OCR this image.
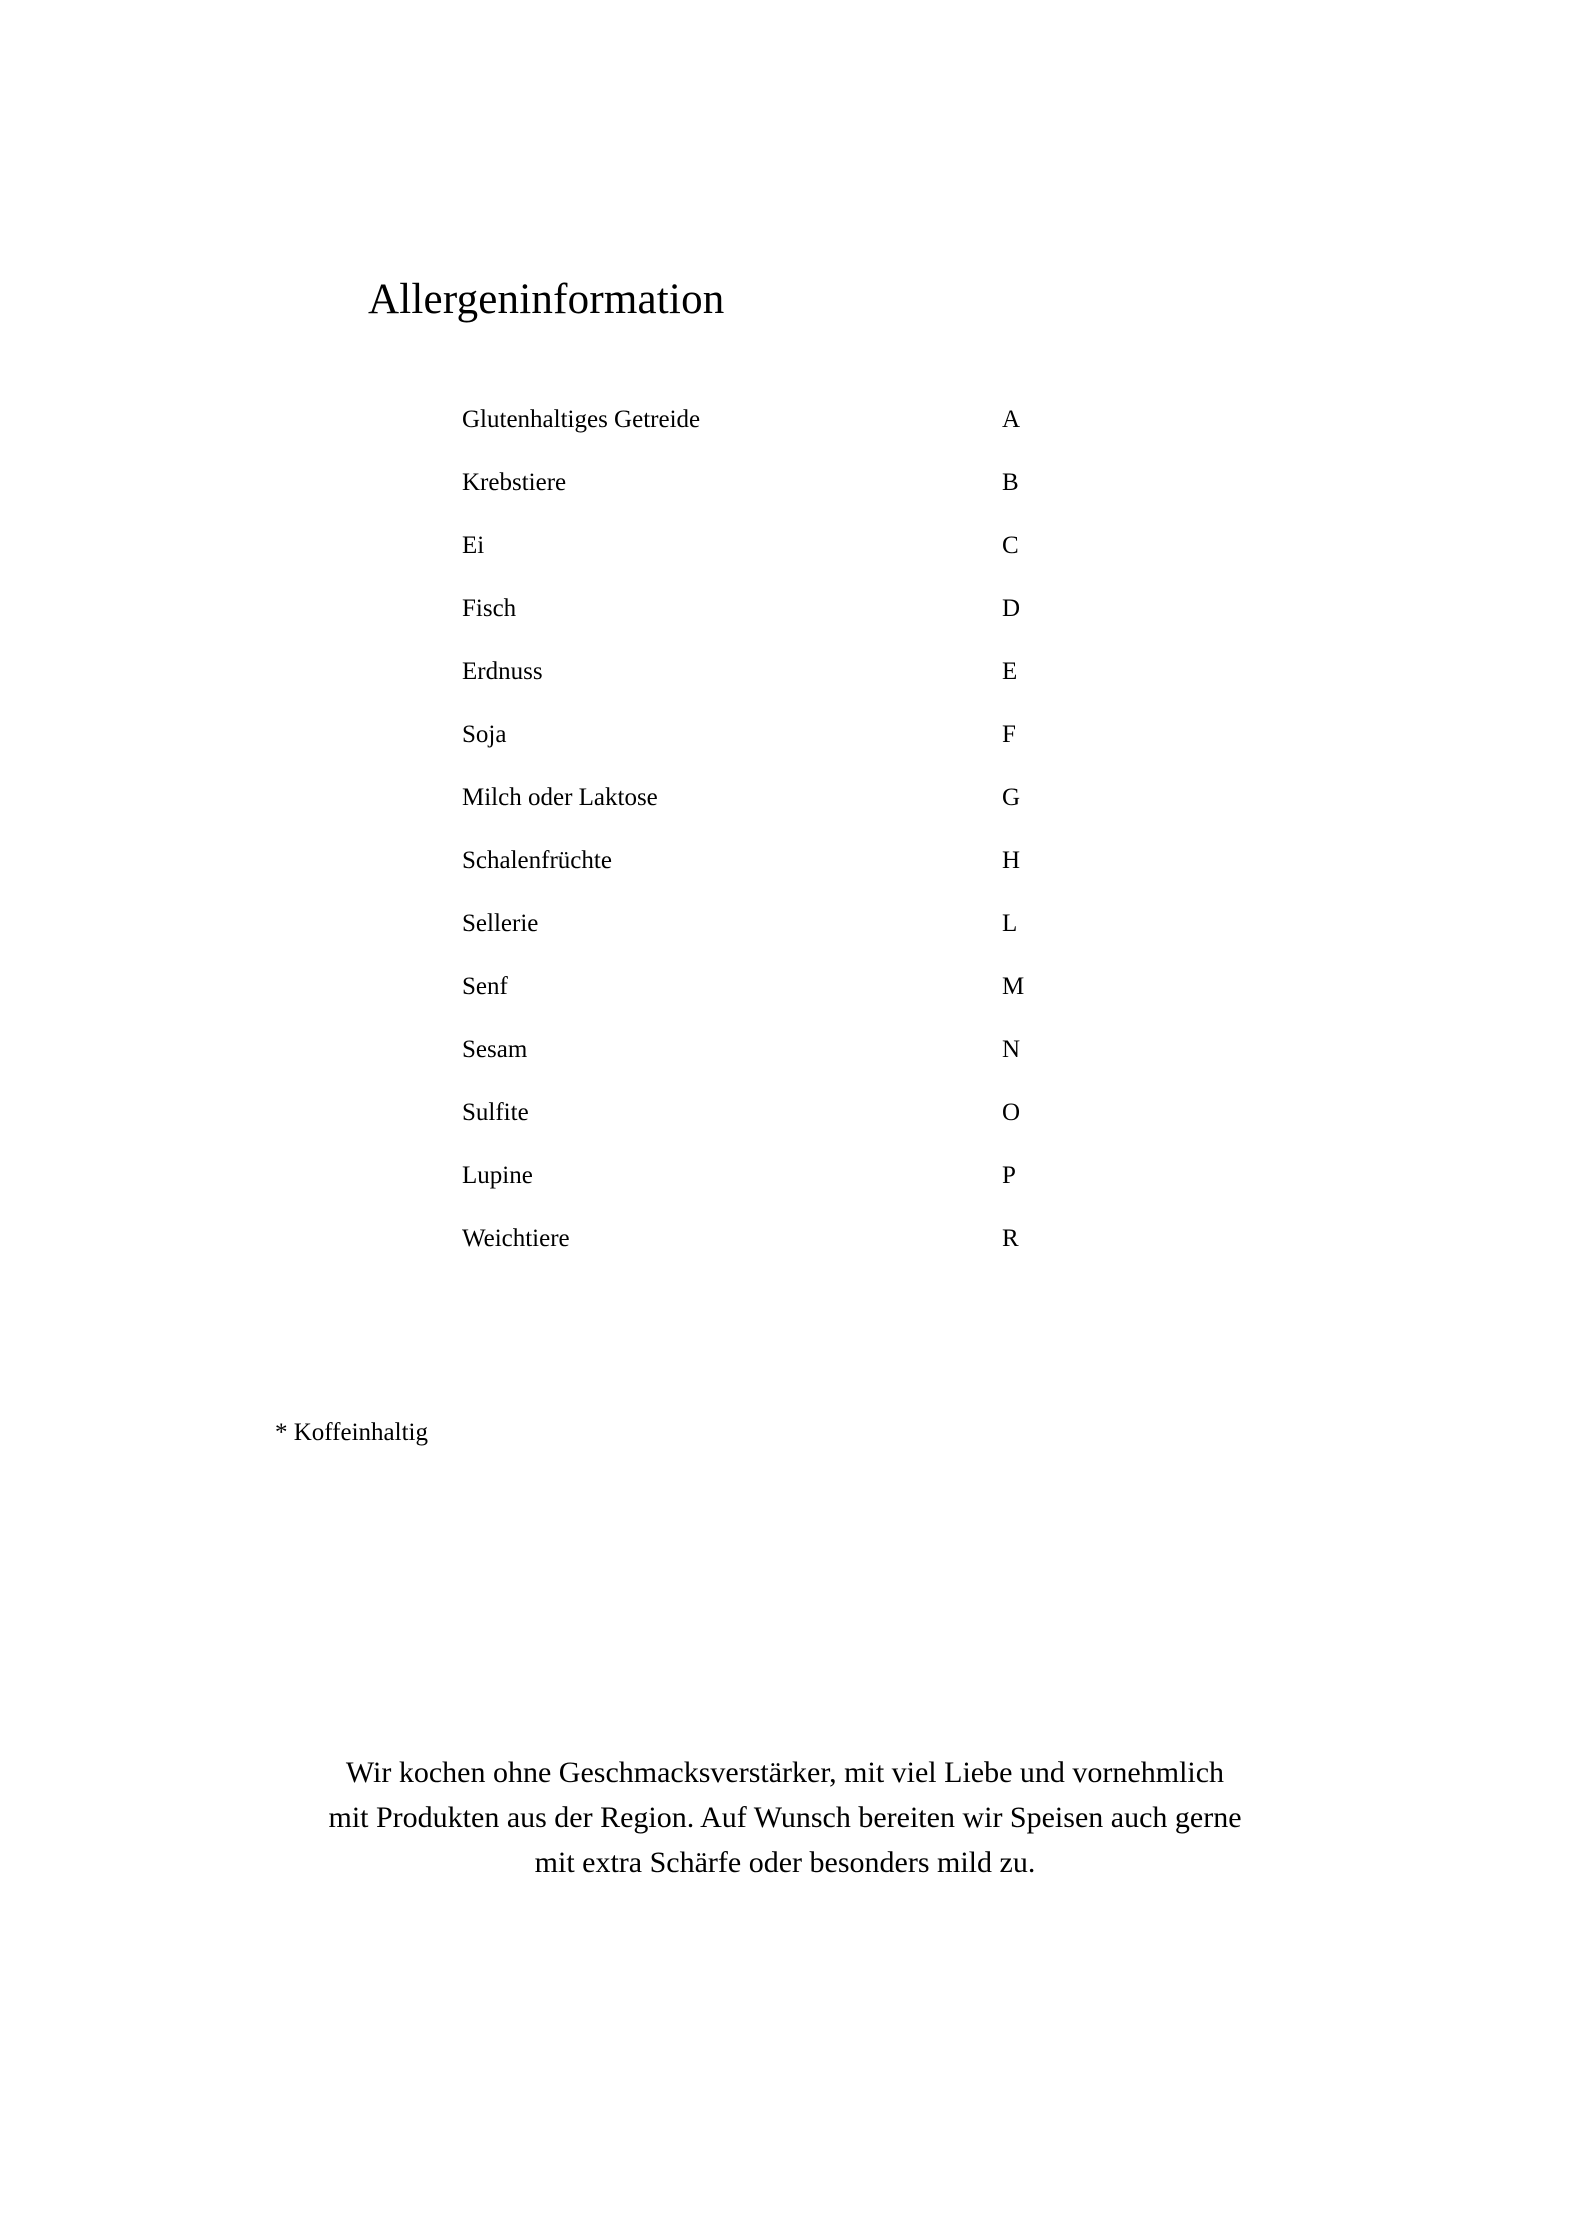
Allergeninformation
Glutenhaltiges Getreide	A
Krebstiere	B
Ei	C
Fisch	D
Erdnuss	E
Soja	F
Milch oder Laktose	G
Schalenfrüchte	H
Sellerie	L
Senf	M
Sesam	N
Sulfite	O
Lupine	P
Weichtiere	R
* Koffeinhaltig
Wir kochen ohne Geschmacksverstärker, mit viel Liebe und vornehmlich
mit Produkten aus der Region. Auf Wunsch bereiten wir Speisen auch gerne
mit extra Schärfe oder besonders mild zu.
